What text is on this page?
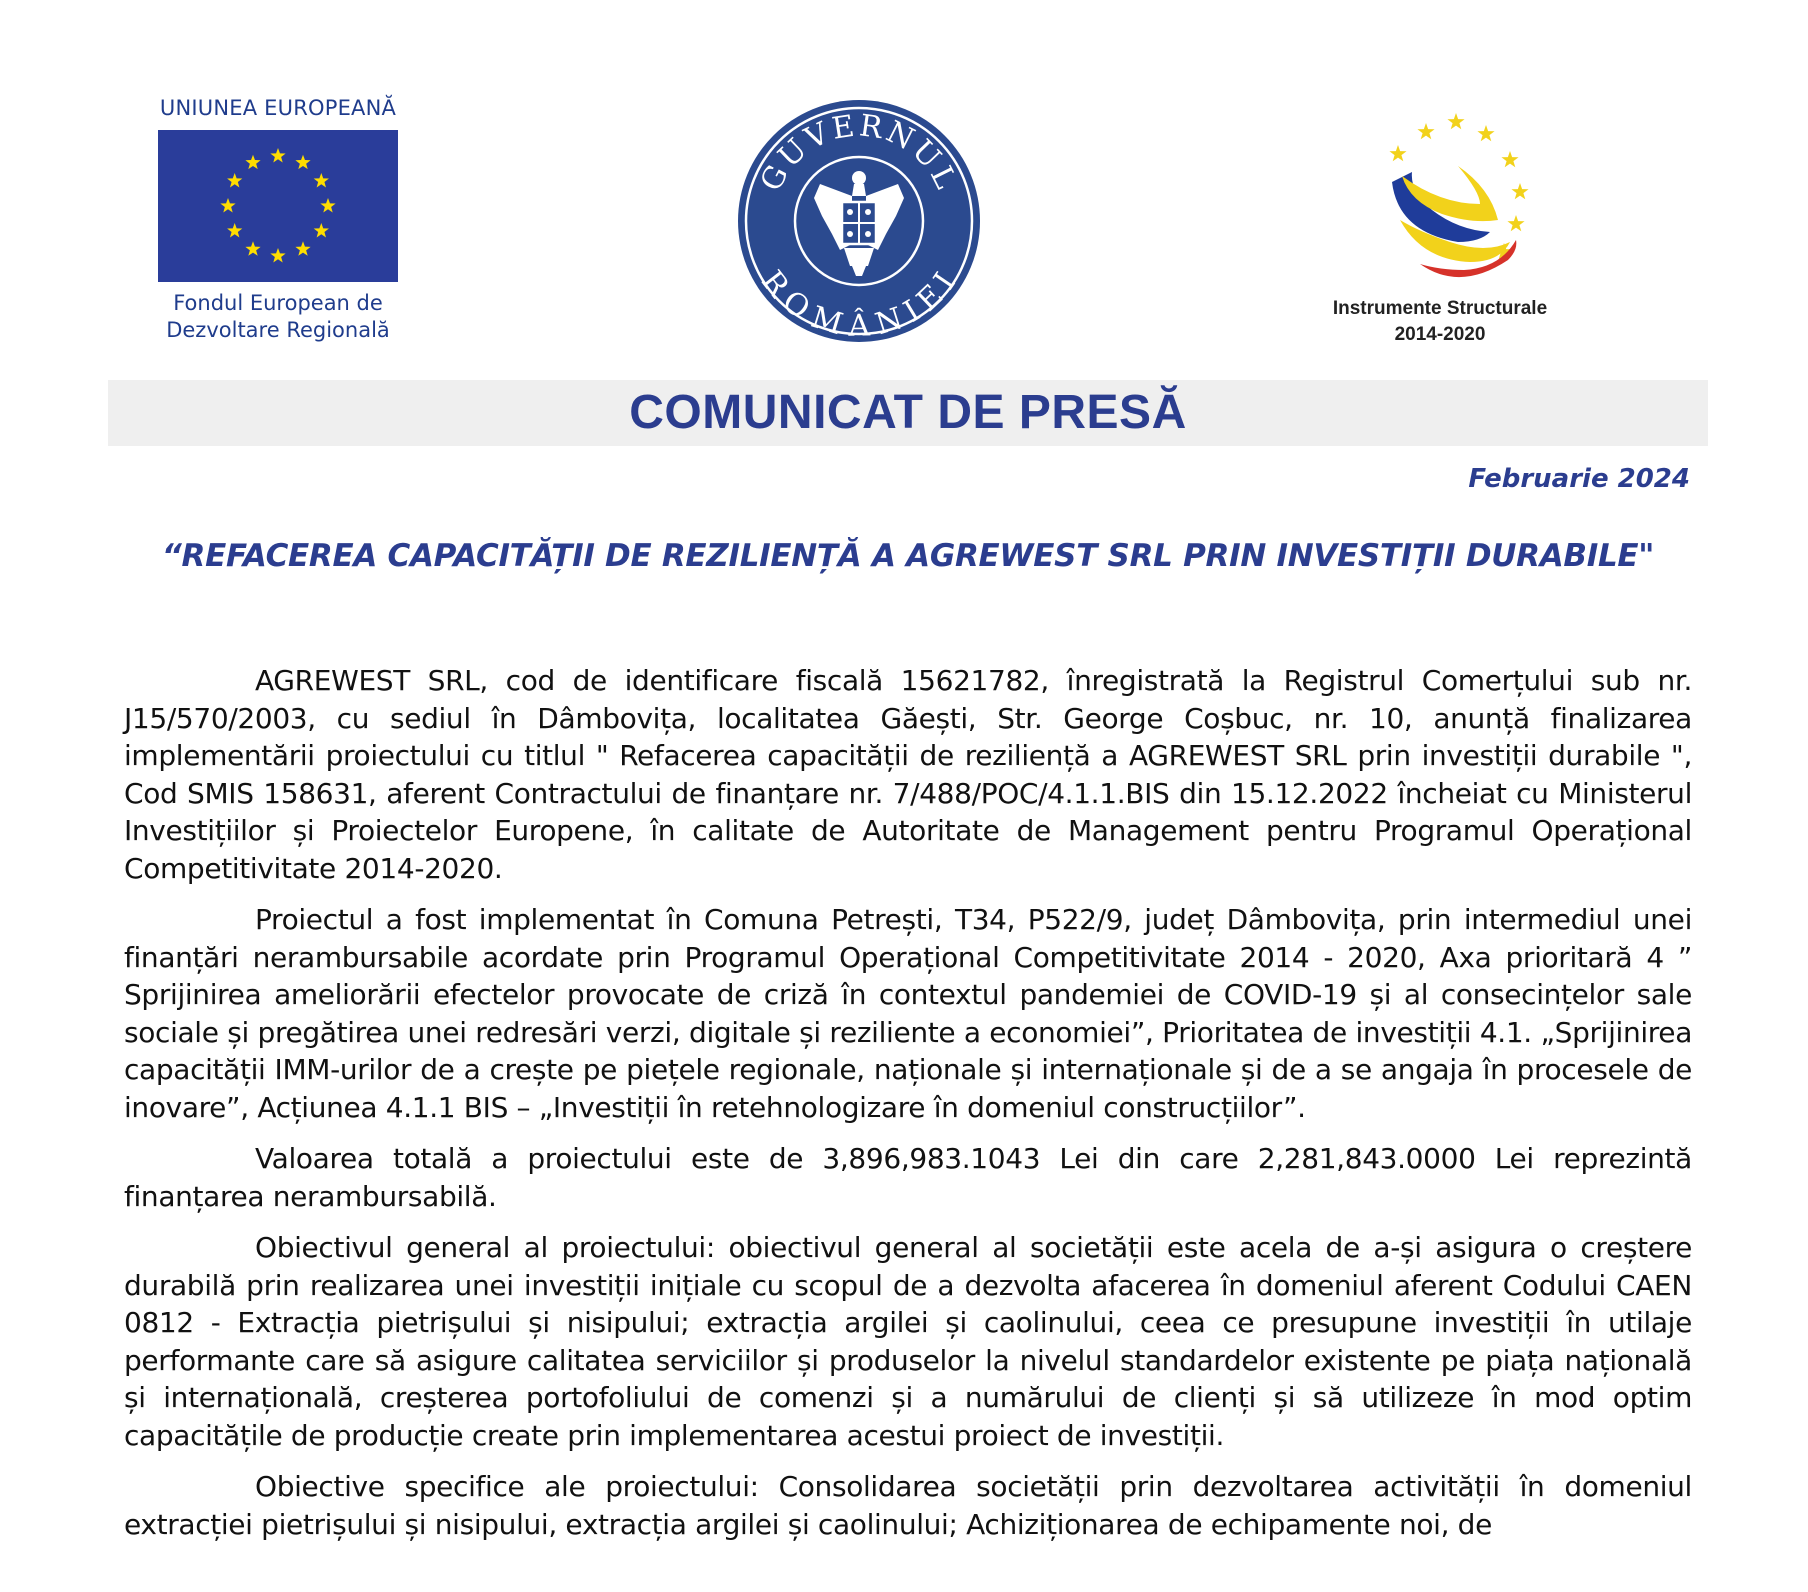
UNIUNEA EUROPEANĂ
Fondul European de
Dezvoltare Regională
GUVERNUL
ROMÂNIEI
Instrumente Structurale
2014-2020
COMUNICAT DE PRESĂ
Februarie 2024
“REFACEREA CAPACITĂȚII DE REZILIENȚĂ A AGREWEST SRL PRIN INVESTIȚII DURABILE"

AGREWEST SRL, cod de identificare fiscală 15621782, înregistrată la Registrul Comerțului sub nr. J15/570/2003, cu sediul în Dâmbovița, localitatea Găești, Str. George Coșbuc, nr. 10, anunță finalizarea implementării proiectului cu titlul " Refacerea capacității de reziliență a AGREWEST SRL prin investiții durabile ", Cod SMIS 158631, aferent Contractului de finanțare nr. 7/488/POC/4.1.1.BIS din 15.12.2022 încheiat cu Ministerul Investițiilor și Proiectelor Europene, în calitate de Autoritate de Management pentru Programul Operațional Competitivitate 2014-2020.

Proiectul a fost implementat în Comuna Petrești, T34, P522/9, județ Dâmbovița, prin intermediul unei finanțări nerambursabile acordate prin Programul Operațional Competitivitate 2014 - 2020, Axa prioritară 4 ” Sprijinirea ameliorării efectelor provocate de criză în contextul pandemiei de COVID-19 și al consecințelor sale sociale și pregătirea unei redresări verzi, digitale și reziliente a economiei”, Prioritatea de investiții 4.1. „Sprijinirea capacității IMM-urilor de a crește pe piețele regionale, naționale și internaționale și de a se angaja în procesele de inovare”, Acțiunea 4.1.1 BIS – „Investiții în retehnologizare în domeniul construcțiilor”.

Valoarea totală a proiectului este de 3,896,983.1043 Lei din care 2,281,843.0000 Lei reprezintă finanțarea nerambursabilă.

Obiectivul general al proiectului: obiectivul general al societății este acela de a-și asigura o creștere durabilă prin realizarea unei investiții inițiale cu scopul de a dezvolta afacerea în domeniul aferent Codului CAEN 0812 - Extracția pietrișului și nisipului; extracția argilei și caolinului, ceea ce presupune investiții în utilaje performante care să asigure calitatea serviciilor și produselor la nivelul standardelor existente pe piața națională și internațională, creșterea portofoliului de comenzi și a numărului de clienți și să utilizeze în mod optim capacitățile de producție create prin implementarea acestui proiect de investiții.

Obiective specifice ale proiectului: Consolidarea societății prin dezvoltarea activității în domeniul extracției pietrișului și nisipului, extracția argilei și caolinului; Achiziționarea de echipamente noi, de
